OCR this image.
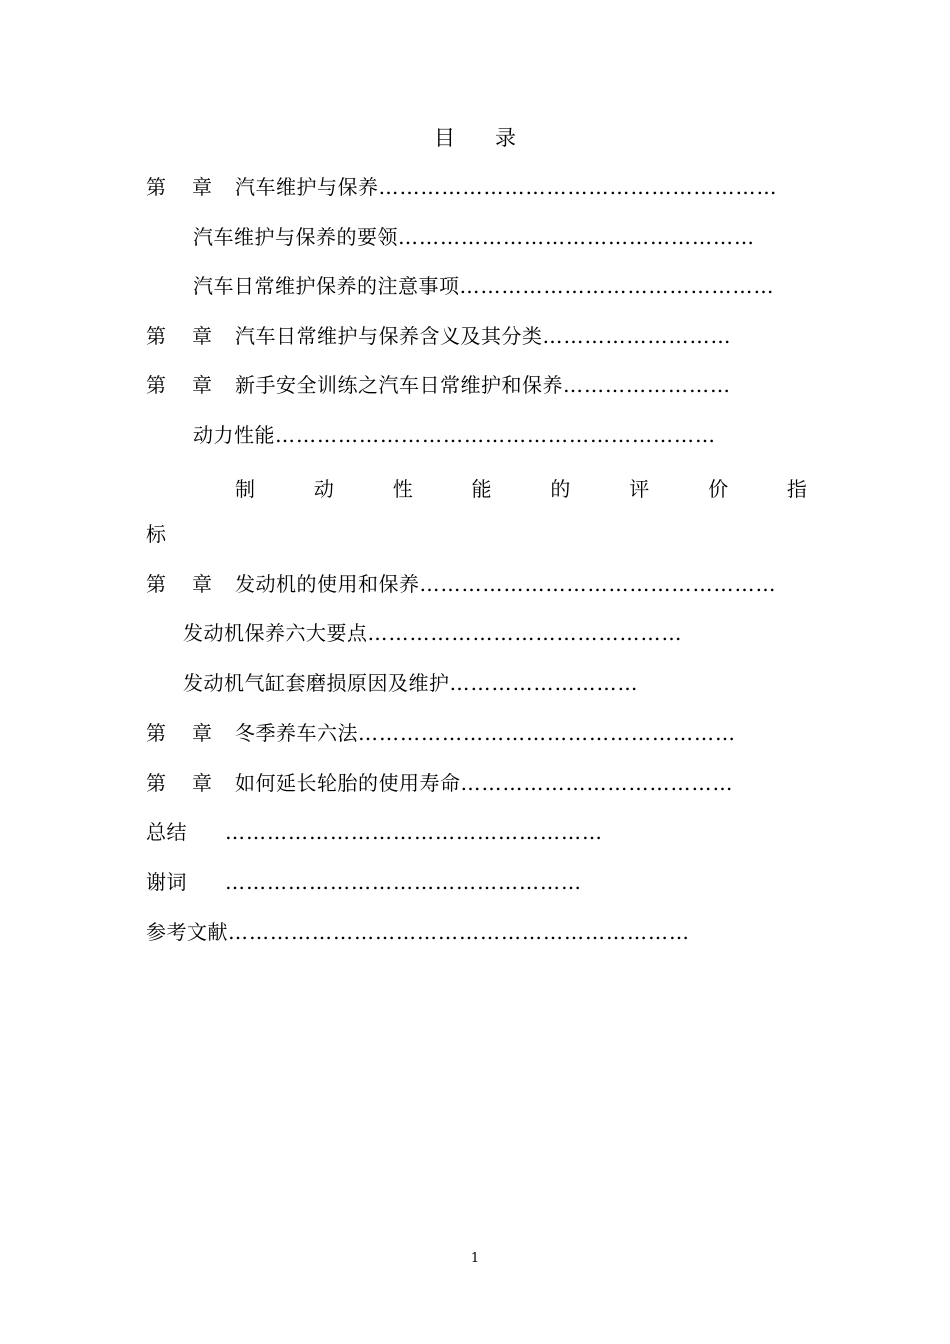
目 录
第 章 汽车维护与保养…………………………………………………
汽车维护与保养的要领……………………………………………
汽车日常维护保养的注意事项………………………………………
第 章 汽车日常维护与保养含义及其分类………………………
第 章 新手安全训练之汽车日常维护和保养……………………
动力性能………………………………………………………
制	动	性	能	的	评	价	指
标
第 章 发动机的使用和保养……………………………………………
发动机保养六大要点………………………………………
发动机气缸套磨损原因及维护………………………
第 章 冬季养车六法………………………………………………
第 章 如何延长轮胎的使用寿命…………………………………
总结 ………………………………………………
谢词 ……………………………………………
参考文献…………………………………………………………
1
